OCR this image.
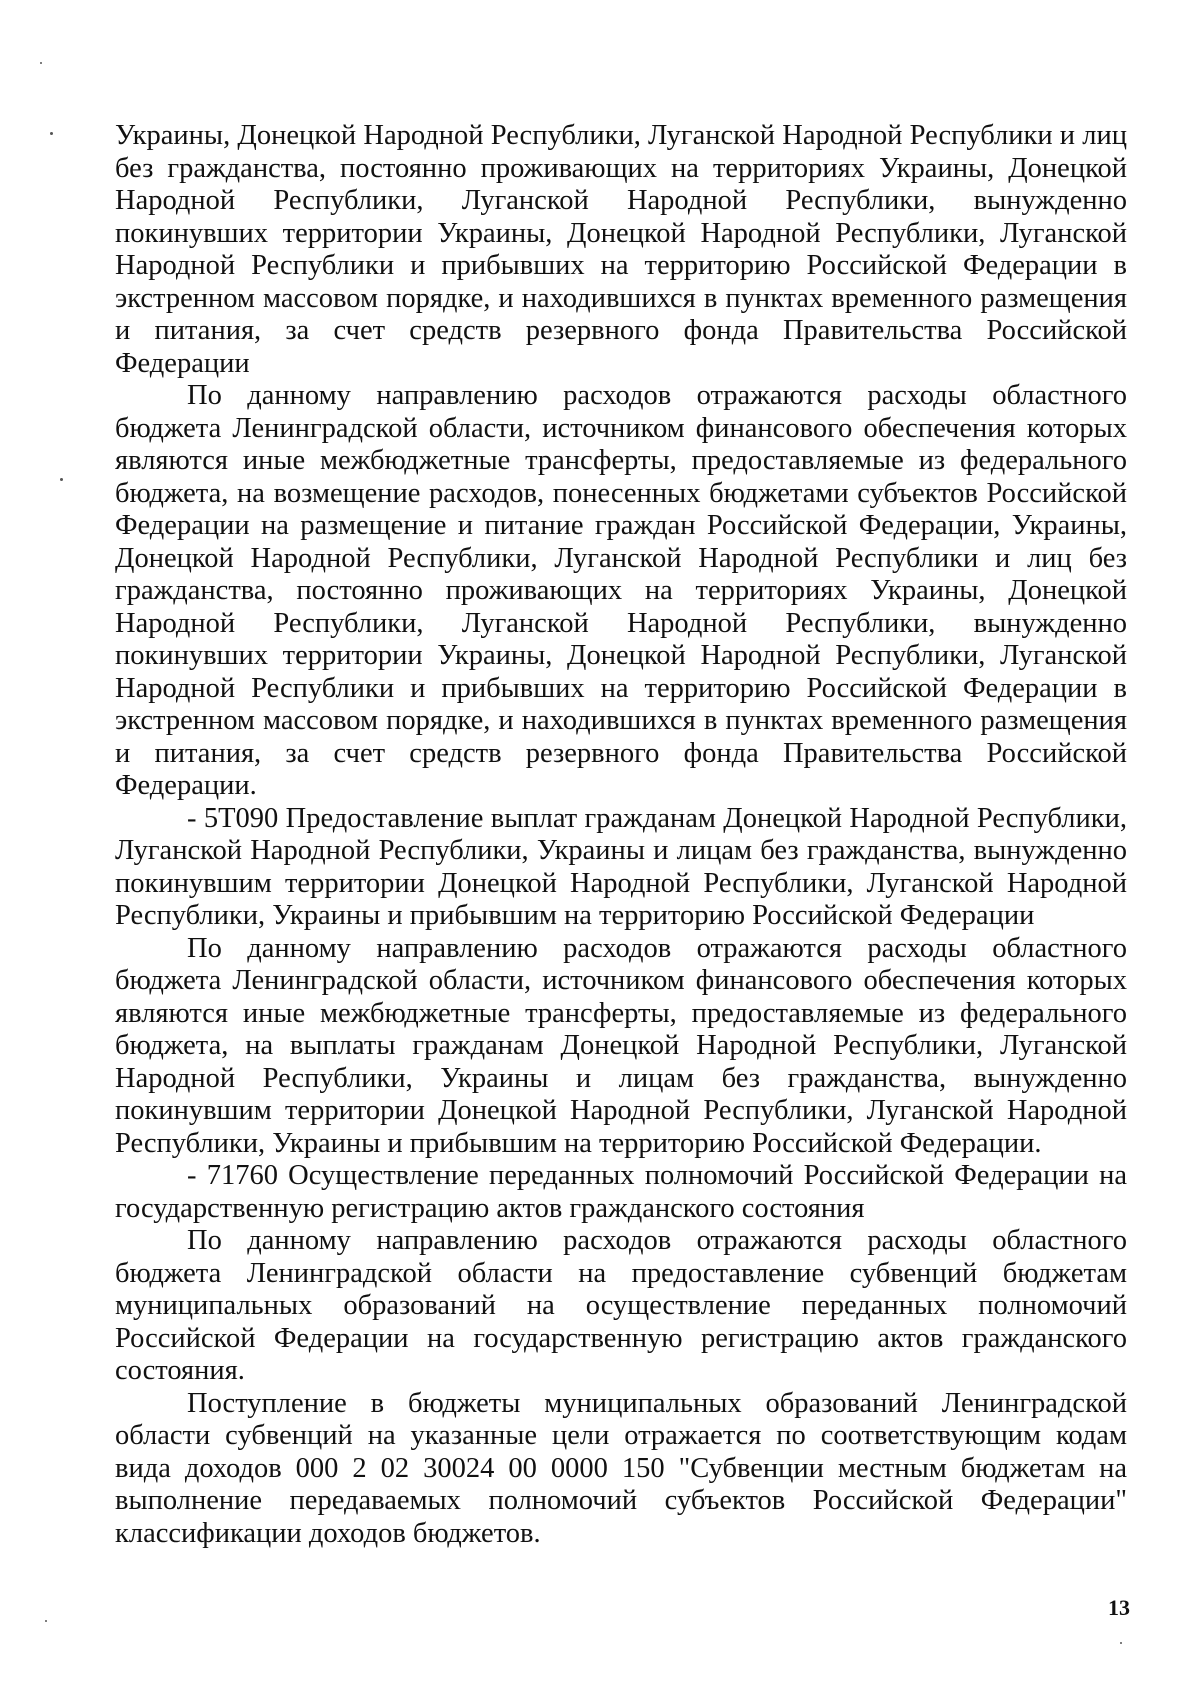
Украины, Донецкой Народной Республики, Луганской Народной Республики и лиц без гражданства, постоянно проживающих на территориях Украины, Донецкой Народной Республики, Луганской Народной Республики, вынужденно покинувших территории Украины, Донецкой Народной Республики, Луганской Народной Республики и прибывших на территорию Российской Федерации в экстренном массовом порядке, и находившихся в пунктах временного размещения и питания, за счет средств резервного фонда Правительства Российской Федерации

По данному направлению расходов отражаются расходы областного бюджета Ленинградской области, источником финансового обеспечения которых являются иные межбюджетные трансферты, предоставляемые из федерального бюджета, на возмещение расходов, понесенных бюджетами субъектов Российской Федерации на размещение и питание граждан Российской Федерации, Украины, Донецкой Народной Республики, Луганской Народной Республики и лиц без гражданства, постоянно проживающих на территориях Украины, Донецкой Народной Республики, Луганской Народной Республики, вынужденно покинувших территории Украины, Донецкой Народной Республики, Луганской Народной Республики и прибывших на территорию Российской Федерации в экстренном массовом порядке, и находившихся в пунктах временного размещения и питания, за счет средств резервного фонда Правительства Российской Федерации.

- 5Т090 Предоставление выплат гражданам Донецкой Народной Республики, Луганской Народной Республики, Украины и лицам без гражданства, вынужденно покинувшим территории Донецкой Народной Республики, Луганской Народной Республики, Украины и прибывшим на территорию Российской Федерации

По данному направлению расходов отражаются расходы областного бюджета Ленинградской области, источником финансового обеспечения которых являются иные межбюджетные трансферты, предоставляемые из федерального бюджета, на выплаты гражданам Донецкой Народной Республики, Луганской Народной Республики, Украины и лицам без гражданства, вынужденно покинувшим территории Донецкой Народной Республики, Луганской Народной Республики, Украины и прибывшим на территорию Российской Федерации.

- 71760 Осуществление переданных полномочий Российской Федерации на государственную регистрацию актов гражданского состояния

По данному направлению расходов отражаются расходы областного бюджета Ленинградской области на предоставление субвенций бюджетам муниципальных образований на осуществление переданных полномочий Российской Федерации на государственную регистрацию актов гражданского состояния.

Поступление в бюджеты муниципальных образований Ленинградской области субвенций на указанные цели отражается по соответствующим кодам вида доходов 000 2 02 30024 00 0000 150 "Субвенции местным бюджетам на выполнение передаваемых полномочий субъектов Российской Федерации" классификации доходов бюджетов.

13
